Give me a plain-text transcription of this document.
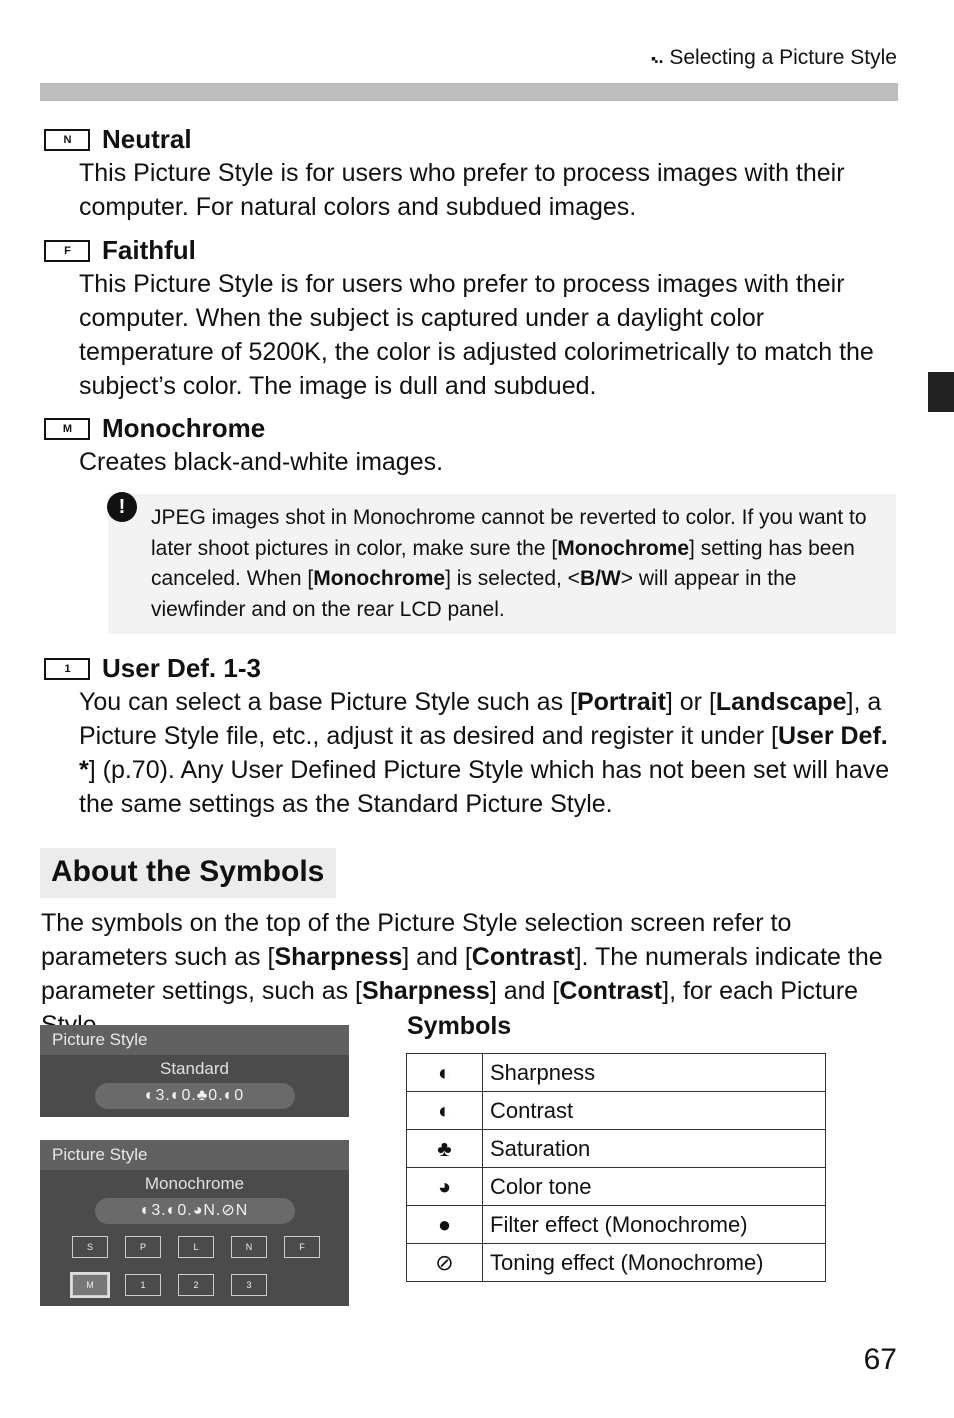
▪‥ Selecting a Picture Style
N	Neutral
This Picture Style is for users who prefer to process images with their computer. For natural colors and subdued images.
F	Faithful
This Picture Style is for users who prefer to process images with their computer. When the subject is captured under a daylight color temperature of 5200K, the color is adjusted colorimetrically to match the subject’s color. The image is dull and subdued.
M	Monochrome
Creates black-and-white images.
!	JPEG images shot in Monochrome cannot be reverted to color. If you want to later shoot pictures in color, make sure the [Monochrome] setting has been canceled. When [Monochrome] is selected, <B/W> will appear in the viewfinder and on the rear LCD panel.
1	User Def. 1-3
You can select a base Picture Style such as [Portrait] or [Landscape], a Picture Style file, etc., adjust it as desired and register it under [User Def. *] (p.70). Any User Defined Picture Style which has not been set will have the same settings as the Standard Picture Style.
About the Symbols
The symbols on the top of the Picture Style selection screen refer to parameters such as [Sharpness] and [Contrast]. The numerals indicate the parameter settings, such as [Sharpness] and [Contrast], for each Picture
Picture Style
Standard
◐3.◐0.♣0.◐0
Picture Style
Monochrome
◐3.◐0.◕N.⊘N
S	P	L	N	F
M	1	2	3
Symbols
◐	Sharpness
◐	Contrast
♣	Saturation
◕	Color tone
●	Filter effect (Monochrome)
⊘	Toning effect (Monochrome)
67
